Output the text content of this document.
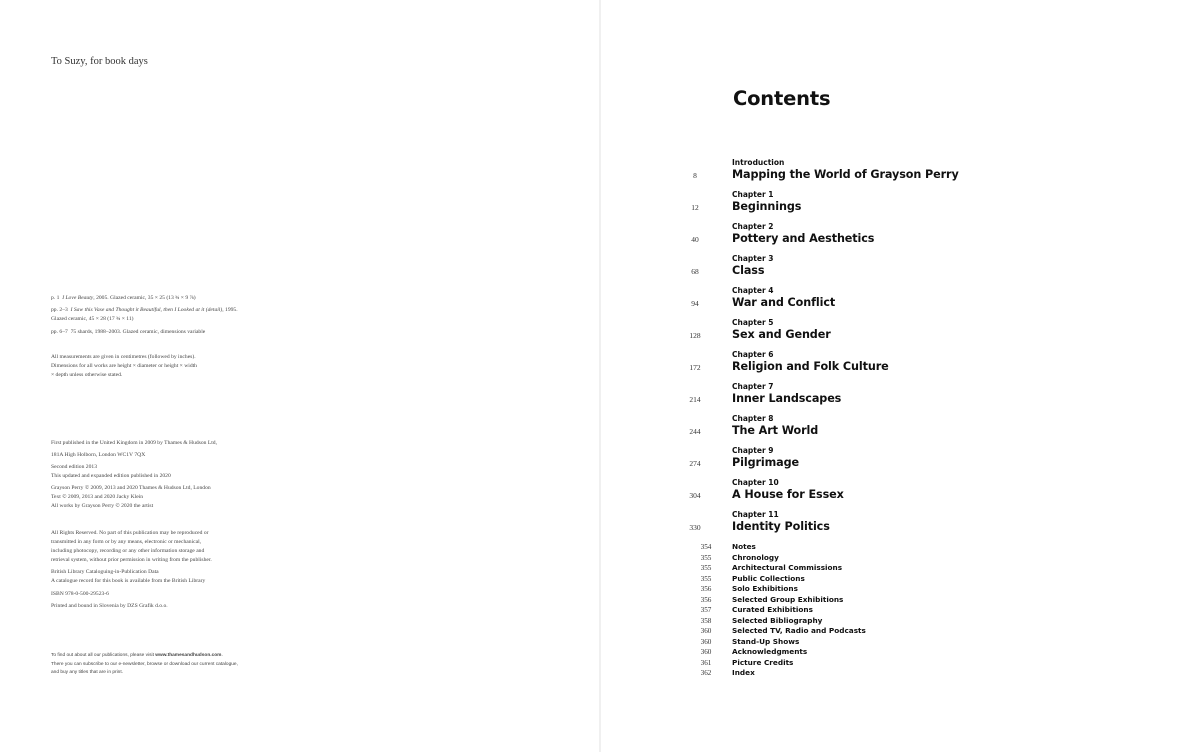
To Suzy, for book days

p. 1 I Love Beauty, 2005. Glazed ceramic, 35 × 25 (13 ¾ × 9 ⅞)

pp. 2–3 I Saw this Vase and Thought it Beautiful, then I Looked at it (detail), 1995. Glazed ceramic, 45 × 28 (17 ¾ × 11)

pp. 6–7 75 shards, 1988–2003. Glazed ceramic, dimensions variable

All measurements are given in centimetres (followed by inches).

Dimensions for all works are height × diameter or height × width

× depth unless otherwise stated.

First published in the United Kingdom in 2009 by Thames & Hudson Ltd,

181A High Holborn, London WC1V 7QX

Second edition 2013

This updated and expanded edition published in 2020

Grayson Perry © 2009, 2013 and 2020 Thames & Hudson Ltd, London

Text © 2009, 2013 and 2020 Jacky Klein

All works by Grayson Perry © 2020 the artist

All Rights Reserved. No part of this publication may be reproduced or

transmitted in any form or by any means, electronic or mechanical,

including photocopy, recording or any other information storage and

retrieval system, without prior permission in writing from the publisher.

British Library Cataloguing-in-Publication Data

A catalogue record for this book is available from the British Library

ISBN 978-0-500-29523-6

Printed and bound in Slovenia by DZS Grafik d.o.o.

To find out about all our publications, please visit www.thamesandhudson.com.

There you can subscribe to our e-newsletter, browse or download our current catalogue,

and buy any titles that are in print.

Contents
Introduction
8	Mapping the World of Grayson Perry
Chapter 1
12	Beginnings
Chapter 2
40	Pottery and Aesthetics
Chapter 3
68	Class
Chapter 4
94	War and Conflict
Chapter 5
128	Sex and Gender
Chapter 6
172	Religion and Folk Culture
Chapter 7
214	Inner Landscapes
Chapter 8
244	The Art World
Chapter 9
274	Pilgrimage
Chapter 10
304	A House for Essex
Chapter 11
330	Identity Politics
354	Notes
355	Chronology
355	Architectural Commissions
355	Public Collections
356	Solo Exhibitions
356	Selected Group Exhibitions
357	Curated Exhibitions
358	Selected Bibliography
360	Selected TV, Radio and Podcasts
360	Stand-Up Shows
360	Acknowledgments
361	Picture Credits
362	Index
